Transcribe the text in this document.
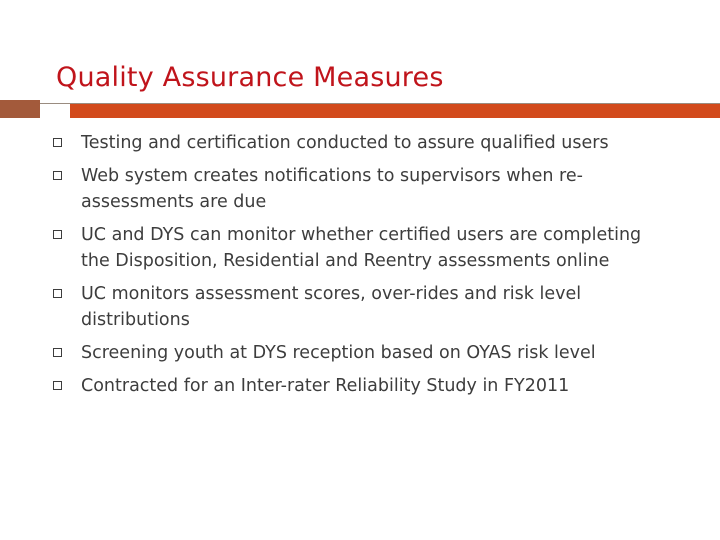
Quality Assurance Measures
Testing and certification conducted to assure qualified users
Web system creates notifications to supervisors when re-assessments are due
UC and DYS can monitor whether certified users are completing the Disposition, Residential and Reentry assessments online
UC monitors assessment scores, over-rides and risk level distributions
Screening youth at DYS reception based on OYAS risk level
Contracted for an Inter-rater Reliability Study in FY2011
